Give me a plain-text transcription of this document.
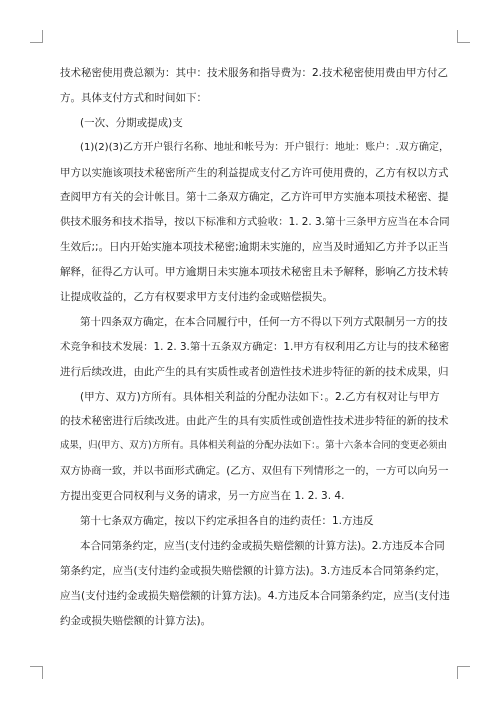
技术秘密使用费总额为：其中：技术服务和指导费为：2.技术秘密使用费由甲方付乙
方。具体支付方式和时间如下：
(一次、分期或提成)支
(1)(2)(3)乙方开户银行名称、地址和帐号为：开户银行：地址：账户：.双方确定，
甲方以实施该项技术秘密所产生的利益提成支付乙方许可使用费的，乙方有权以方式
查阅甲方有关的会计帐目。第十二条双方确定，乙方许可甲方实施本项技术秘密、提
供技术服务和技术指导，按以下标准和方式验收：1. 2. 3.第十三条甲方应当在本合同
生效后;;。日内开始实施本项技术秘密;逾期未实施的，应当及时通知乙方并予以正当
解释，征得乙方认可。甲方逾期日未实施本项技术秘密且未予解释，影响乙方技术转
让提成收益的，乙方有权要求甲方支付违约金或赔偿损失。
第十四条双方确定，在本合同履行中，任何一方不得以下列方式限制另一方的技
术竞争和技术发展：1. 2. 3.第十五条双方确定：1.甲方有权利用乙方让与的技术秘密
进行后续改进，由此产生的具有实质性或者创造性技术进步特征的新的技术成果，归
(甲方、双方)方所有。具体相关利益的分配办法如下：。2.乙方有权对让与甲方
的技术秘密进行后续改进。由此产生的具有实质性或创造性技术进步特征的新的技术
成果，归(甲方、双方)方所有。具体相关利益的分配办法如下：。第十六条本合同的变更必须由
双方协商一致，并以书面形式确定。(乙方、双但有下列情形之一的，一方可以向另一
方提出变更合同权利与义务的请求，另一方应当在 1. 2. 3. 4.
第十七条双方确定，按以下约定承担各自的违约责任：1.方违反
本合同第条约定，应当(支付违约金或损失赔偿额的计算方法)。2.方违反本合同
第条约定，应当(支付违约金或损失赔偿额的计算方法)。3.方违反本合同第条约定，
应当(支付违约金或损失赔偿额的计算方法)。4.方违反本合同第条约定，应当(支付违
约金或损失赔偿额的计算方法)。
